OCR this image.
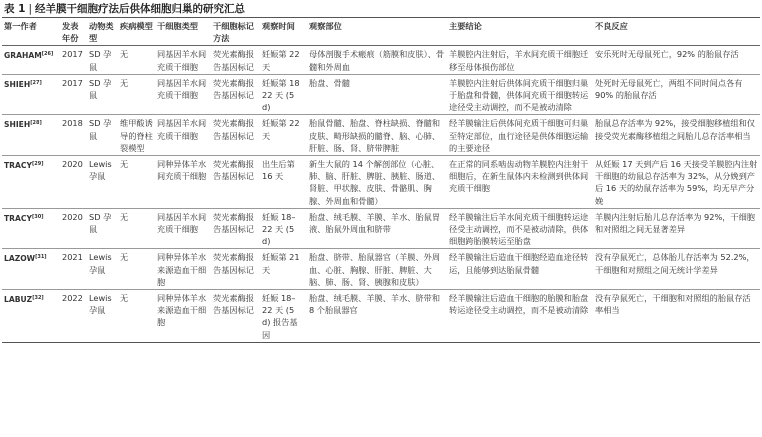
表 1 | 经羊膜干细胞疗法后供体细胞归巢的研究汇总
第一作者	发表年份	动物类型	疾病模型	干细胞类型	干细胞标记方法	观察时间	观察部位	主要结论	不良反应
GRAHAM[26]	2017	SD 孕鼠	无	同基因羊水间充质干细胞	荧光素酶报告基因标记	妊娠第 22 天	母体剖腹手术瘢痕（筋膜和皮肤）、骨髓和外周血	羊膜腔内注射后，羊水间充质干细胞迁移至母体损伤部位	安乐死时无母鼠死亡，92% 的胎鼠存活
SHIEH[27]	2017	SD 孕鼠	无	同基因羊水间充质干细胞	荧光素酶报告基因标记	妊娠第 18 22 天 (5 d)	胎盘、骨髓	羊膜腔内注射后供体间充质干细胞归巢于胎盘和骨髓，供体间充质干细胞转运途径受主动调控，而不是被动清除	处死时无母鼠死亡，两组不同时间点各有 90% 的胎鼠存活
SHIEH[28]	2018	SD 孕鼠	维甲酸诱导的脊柱裂模型	同基因羊水间充质干细胞	荧光素酶报告基因标记	妊娠第 22 天	胎鼠骨髓、胎盘、脊柱缺损、脊髓和皮肤、畸形缺损的髓脊、脑、心肺、肝脏、肠、肾、脐带脾脏	经羊膜输注后供体间充质干细胞可归巢至特定部位，血行途径是供体细胞运输的主要途径	胎鼠总存活率为 92%，接受细胞移植组和仅接受荧光素酶移植组之间胎儿总存活率相当
TRACY[29]	2020	Lewis 孕鼠	无	同种异体羊水间充质干细胞	荧光素酶报告基因标记	出生后第 16 天	新生大鼠的 14 个解剖部位（心脏、肺、脑、肝脏、脾脏、胰脏、肠道、肾脏、甲状腺、皮肤、骨骼肌、胸腺、外周血和骨髓）	在正常的同系啮齿动物羊膜腔内注射干细胞后，在新生鼠体内未检测到供体间充质干细胞	从妊娠 17 天到产后 16 天接受羊膜腔内注射干细胞的幼鼠总存活率为 32%，从分娩到产后 16 天的幼鼠存活率为 59%，均无早产分娩
TRACY[30]	2020	SD 孕鼠	无	同基因羊水间充质干细胞	荧光素酶报告基因标记	妊娠 18–22 天 (5 d)	胎盘、绒毛膜、羊膜、羊水、胎鼠胃液、胎鼠外周血和脐带	经羊膜输注后羊水间充质干细胞转运途径受主动调控，而不是被动清除，供体细胞跨胎膜转运至胎盘	羊膜内注射后胎儿总存活率为 92%，干细胞和对照组之间无显著差异
LAZOW[31]	2021	Lewis 孕鼠	无	同种异体羊水来源造血干细胞	荧光素酶报告基因标记	妊娠第 21 天	胎盘、脐带、胎鼠器官（羊膜、外周血、心脏、胸腺、肝脏、脾脏、大脑、肺、肠、肾、胰腺和皮肤）	经羊膜输注后造血干细胞经造血途径转运，且能够到达胎鼠骨髓	没有孕鼠死亡，总体胎儿存活率为 52.2%，干细胞和对照组之间无统计学差异
LABUZ[32]	2022	Lewis 孕鼠	无	同种异体羊水来源造血干细胞	荧光素酶报告基因标记	妊娠 18–22 天 (5 d) 报告基因	胎盘、绒毛膜、羊膜、羊水、脐带和 8 个胎鼠器官	经羊膜输注后造血干细胞的胎膜和胎盘转运途径受主动调控，而不是被动清除	没有孕鼠死亡，干细胞和对照组的胎鼠存活率相当
